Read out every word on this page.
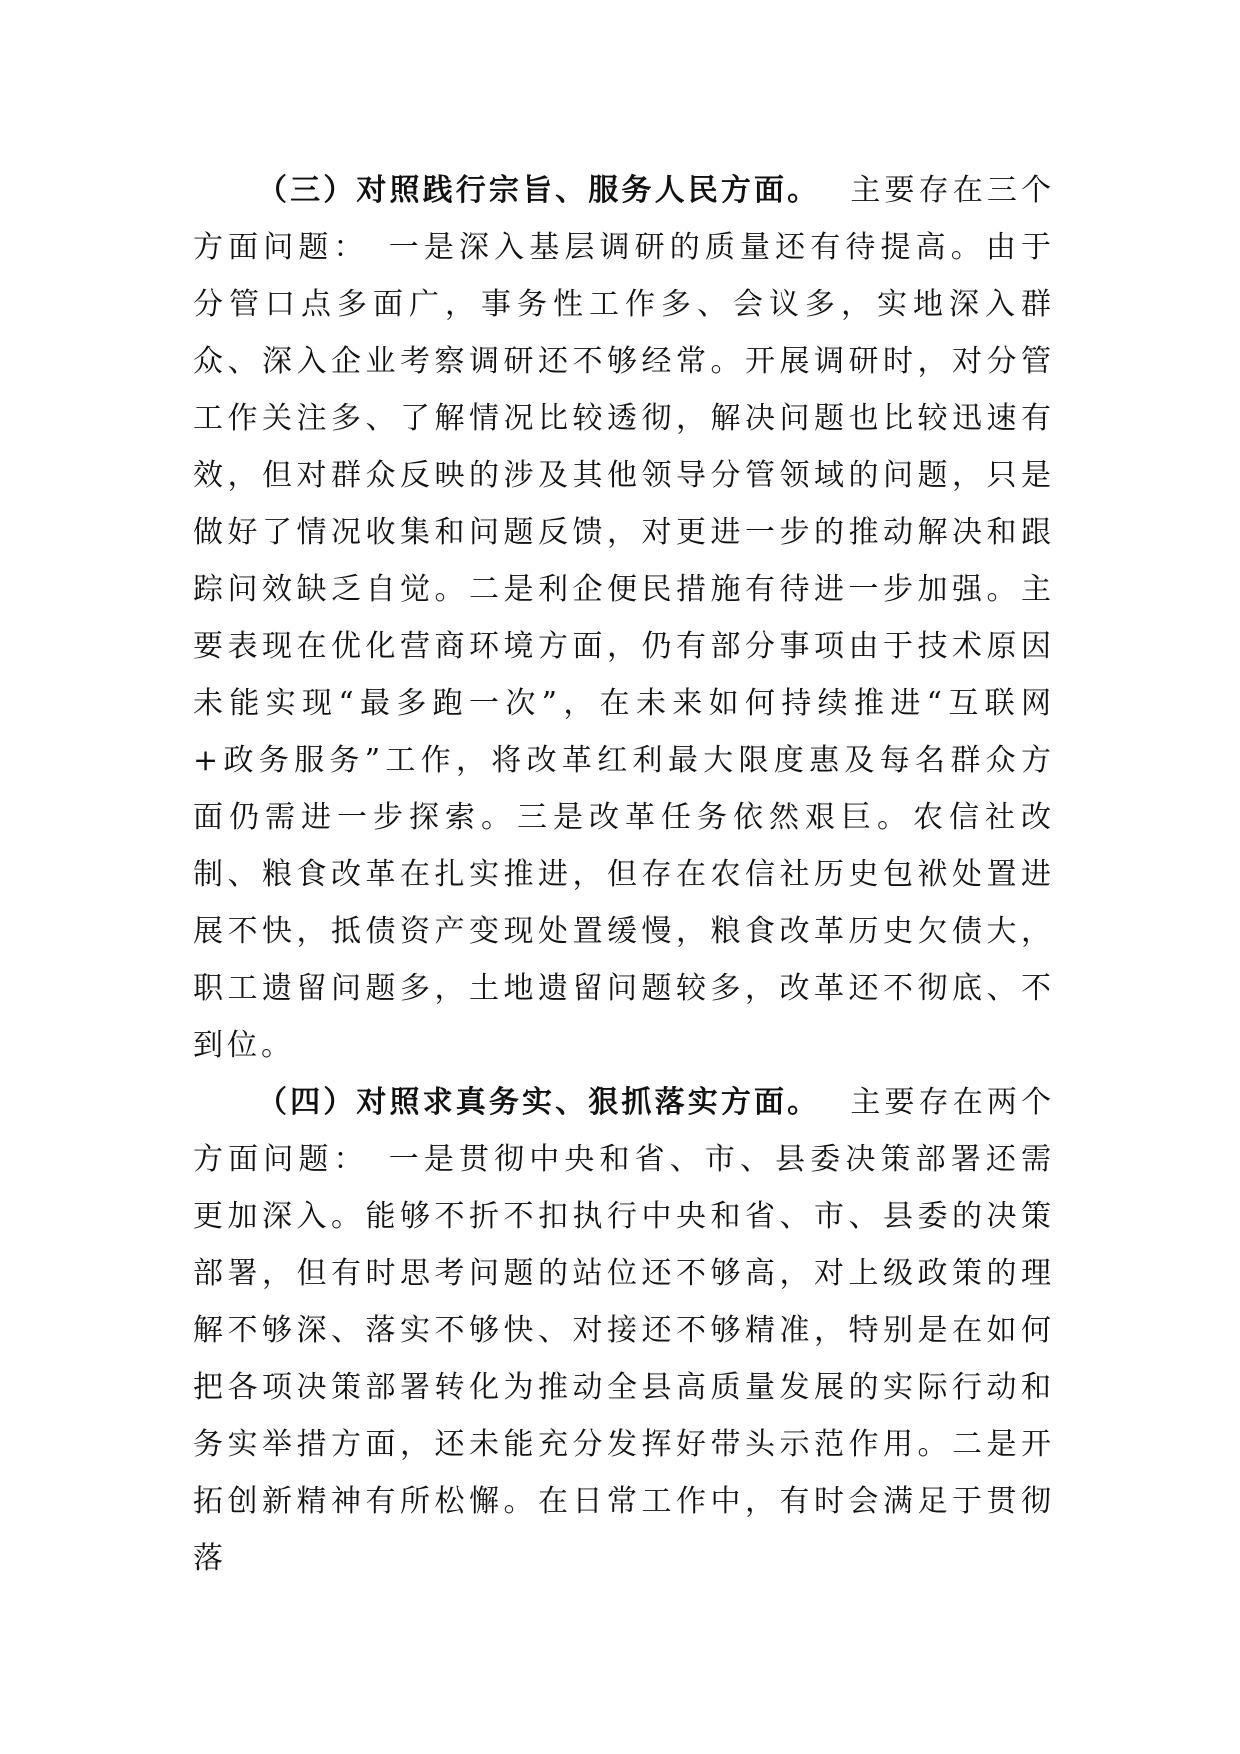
（三）对照践行宗旨、服务人民方面。 主要存在三个方面问题：　一是深入基层调研的质量还有待提高。由于分管口点多面广，事务性工作多、会议多，实地深入群众、深入企业考察调研还不够经常。开展调研时，对分管工作关注多、了解情况比较透彻，解决问题也比较迅速有效，但对群众反映的涉及其他领导分管领域的问题，只是做好了情况收集和问题反馈，对更进一步的推动解决和跟踪问效缺乏自觉。二是利企便民措施有待进一步加强。主要表现在优化营商环境方面，仍有部分事项由于技术原因未能实现“最多跑一次”，在未来如何持续推进“互联网+政务服务”工作，将改革红利最大限度惠及每名群众方面仍需进一步探索。三是改革任务依然艰巨。农信社改制、粮食改革在扎实推进，但存在农信社历史包袱处置进展不快，抵债资产变现处置缓慢，粮食改革历史欠债大，职工遗留问题多，土地遗留问题较多，改革还不彻底、不到位。

（四）对照求真务实、狠抓落实方面。 主要存在两个方面问题：　一是贯彻中央和省、市、县委决策部署还需更加深入。能够不折不扣执行中央和省、市、县委的决策部署，但有时思考问题的站位还不够高，对上级政策的理解不够深、落实不够快、对接还不够精准，特别是在如何把各项决策部署转化为推动全县高质量发展的实际行动和务实举措方面，还未能充分发挥好带头示范作用。二是开拓创新精神有所松懈。在日常工作中，有时会满足于贯彻落
